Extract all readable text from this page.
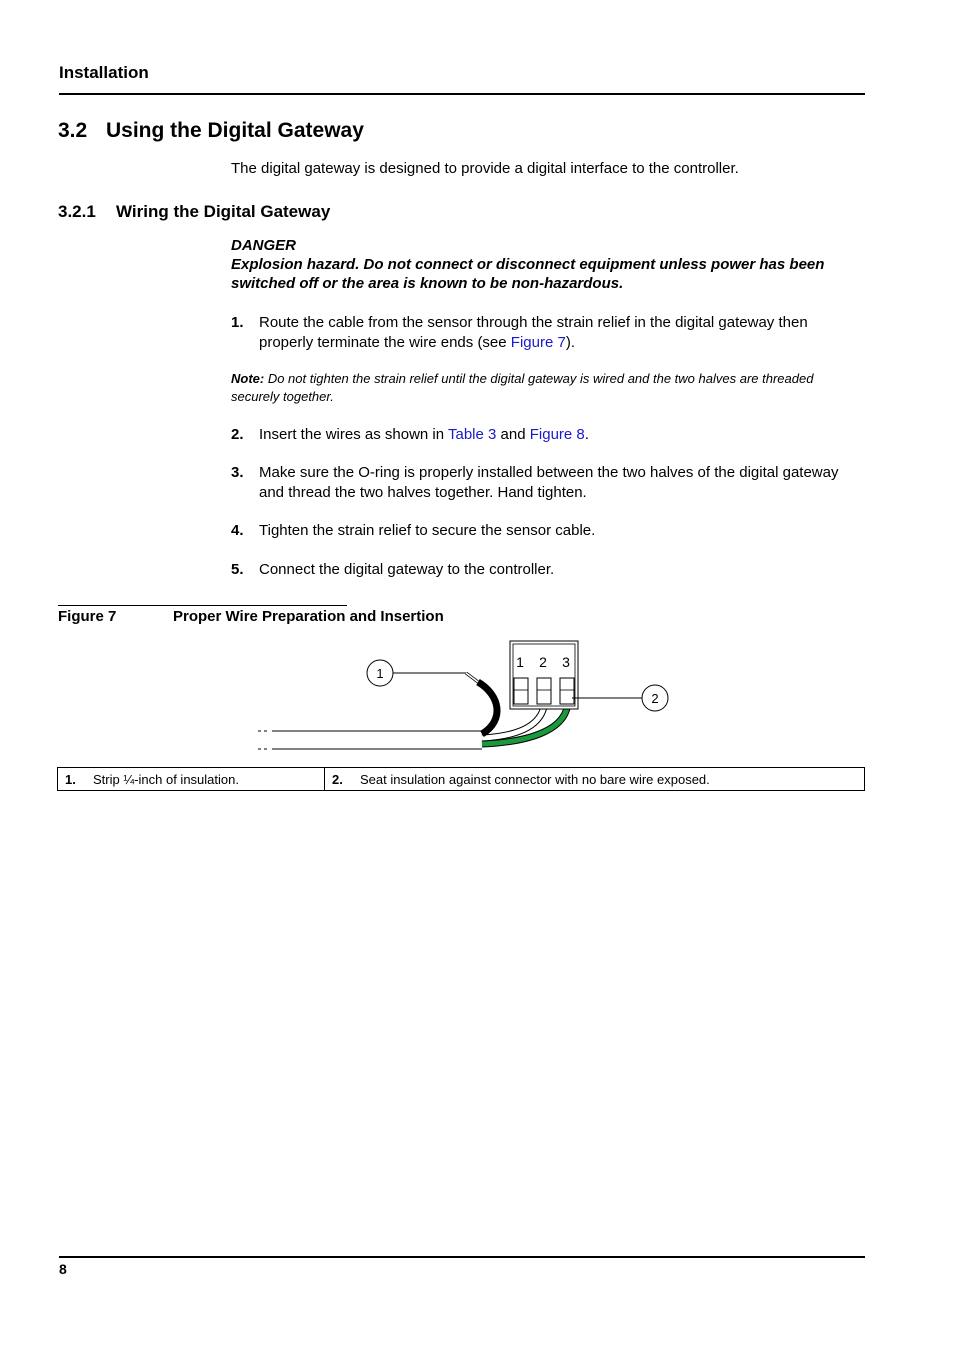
Installation
3.2 Using the Digital Gateway
The digital gateway is designed to provide a digital interface to the controller.
3.2.1 Wiring the Digital Gateway
DANGER
Explosion hazard. Do not connect or disconnect equipment unless power has been switched off or the area is known to be non-hazardous.
1. Route the cable from the sensor through the strain relief in the digital gateway then properly terminate the wire ends (see Figure 7).
Note: Do not tighten the strain relief until the digital gateway is wired and the two halves are threaded securely together.
2. Insert the wires as shown in Table 3 and Figure 8.
3. Make sure the O-ring is properly installed between the two halves of the digital gateway and thread the two halves together. Hand tighten.
4. Tighten the strain relief to secure the sensor cable.
5. Connect the digital gateway to the controller.
Figure 7	Proper Wire Preparation and Insertion
1 2 3
1
2
1.	Strip ¼-inch of insulation.	2.	Seat insulation against connector with no bare wire exposed.
8
